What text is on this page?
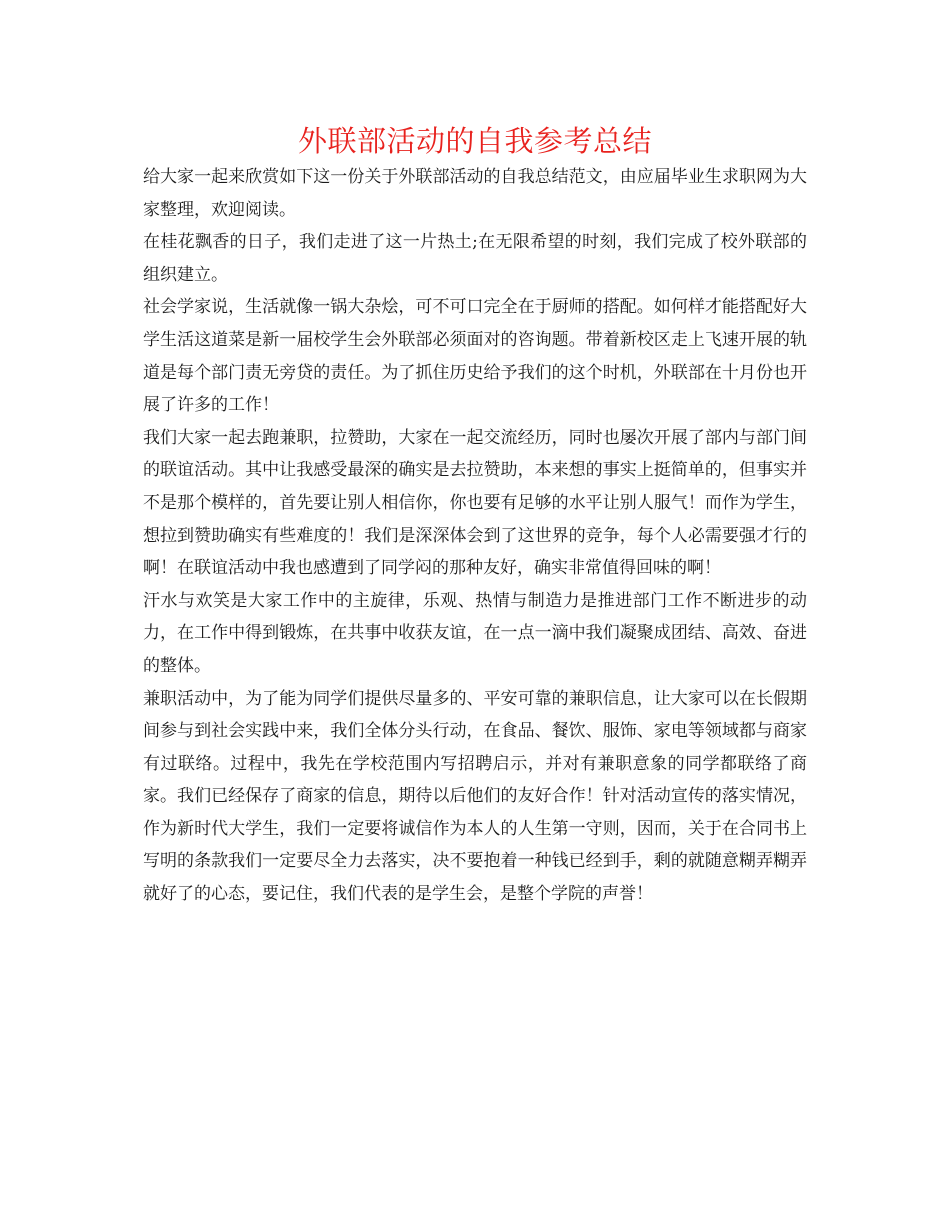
外联部活动的自我参考总结

给大家一起来欣赏如下这一份关于外联部活动的自我总结范文，由应届毕业生求职网为大家整理，欢迎阅读。

在桂花飘香的日子，我们走进了这一片热土;在无限希望的时刻，我们完成了校外联部的组织建立。

社会学家说，生活就像一锅大杂烩，可不可口完全在于厨师的搭配。如何样才能搭配好大学生活这道菜是新一届校学生会外联部必须面对的咨询题。带着新校区走上飞速开展的轨道是每个部门责无旁贷的责任。为了抓住历史给予我们的这个时机，外联部在十月份也开展了许多的工作！

我们大家一起去跑兼职，拉赞助，大家在一起交流经历，同时也屡次开展了部内与部门间的联谊活动。其中让我感受最深的确实是去拉赞助，本来想的事实上挺简单的，但事实并不是那个模样的，首先要让别人相信你，你也要有足够的水平让别人服气！而作为学生，想拉到赞助确实有些难度的！我们是深深体会到了这世界的竞争，每个人必需要强才行的啊！在联谊活动中我也感遭到了同学闷的那种友好，确实非常值得回味的啊！

汗水与欢笑是大家工作中的主旋律，乐观、热情与制造力是推进部门工作不断进步的动力，在工作中得到锻炼，在共事中收获友谊，在一点一滴中我们凝聚成团结、高效、奋进的整体。

兼职活动中，为了能为同学们提供尽量多的、平安可靠的兼职信息，让大家可以在长假期间参与到社会实践中来，我们全体分头行动，在食品、餐饮、服饰、家电等领域都与商家有过联络。过程中，我先在学校范围内写招聘启示，并对有兼职意象的同学都联络了商家。我们已经保存了商家的信息，期待以后他们的友好合作！针对活动宣传的落实情况，作为新时代大学生，我们一定要将诚信作为本人的人生第一守则，因而，关于在合同书上写明的条款我们一定要尽全力去落实，决不要抱着一种钱已经到手，剩的就随意糊弄糊弄就好了的心态，要记住，我们代表的是学生会，是整个学院的声誉！
